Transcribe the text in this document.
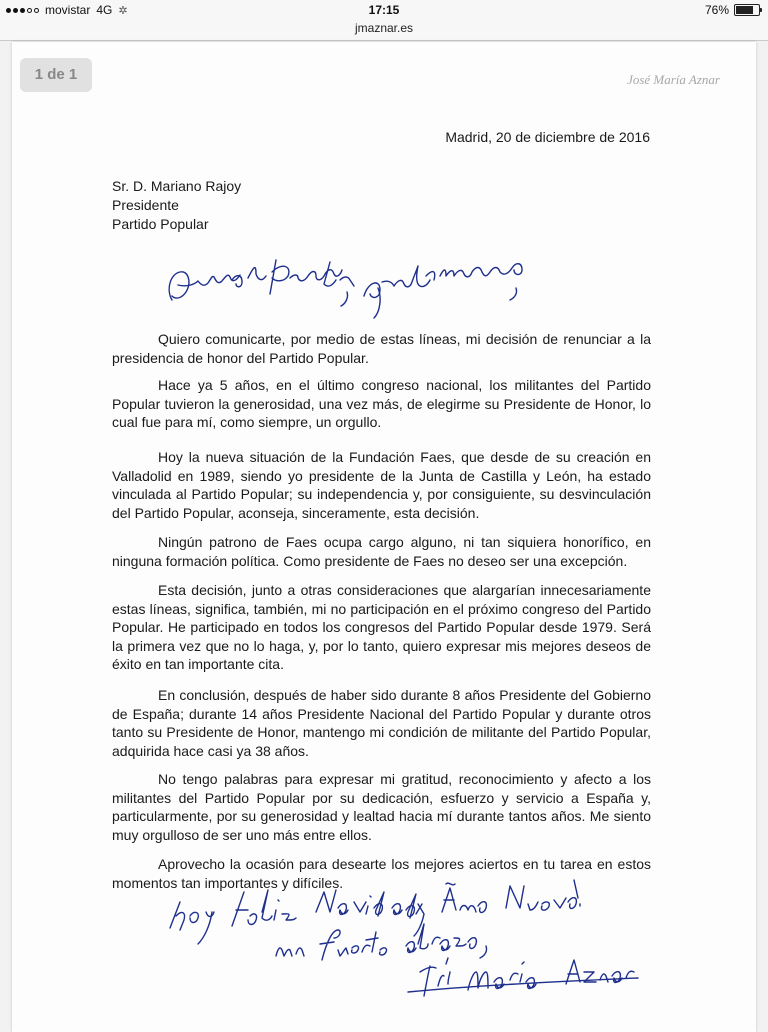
movistar 4G ✲	17:15	76%
jmaznar.es
1 de 1	José María Aznar
Madrid, 20 de diciembre de 2016
Sr. D. Mariano Rajoy
Presidente
Partido Popular
Quiero comunicarte, por medio de estas líneas, mi decisión de renunciar a la presidencia de honor del Partido Popular.
Hace ya 5 años, en el último congreso nacional, los militantes del Partido Popular tuvieron la generosidad, una vez más, de elegirme su Presidente de Honor, lo cual fue para mí, como siempre, un orgullo.
Hoy la nueva situación de la Fundación Faes, que desde de su creación en Valladolid en 1989, siendo yo presidente de la Junta de Castilla y León, ha estado vinculada al Partido Popular; su independencia y, por consiguiente, su desvinculación del Partido Popular, aconseja, sinceramente, esta decisión.
Ningún patrono de Faes ocupa cargo alguno, ni tan siquiera honorífico, en ninguna formación política. Como presidente de Faes no deseo ser una excepción.
Esta decisión, junto a otras consideraciones que alargarían innecesariamente estas líneas, significa, también, mi no participación en el próximo congreso del Partido Popular. He participado en todos los congresos del Partido Popular desde 1979. Será la primera vez que no lo haga, y, por lo tanto, quiero expresar mis mejores deseos de éxito en tan importante cita.
En conclusión, después de haber sido durante 8 años Presidente del Gobierno de España; durante 14 años Presidente Nacional del Partido Popular y durante otros tanto su Presidente de Honor, mantengo mi condición de militante del Partido Popular, adquirida hace casi ya 38 años.
No tengo palabras para expresar mi gratitud, reconocimiento y afecto a los militantes del Partido Popular por su dedicación, esfuerzo y servicio a España y, particularmente, por su generosidad y lealtad hacia mí durante tantos años. Me siento muy orgulloso de ser uno más entre ellos.
Aprovecho la ocasión para desearte los mejores aciertos en tu tarea en estos momentos tan importantes y difíciles.
